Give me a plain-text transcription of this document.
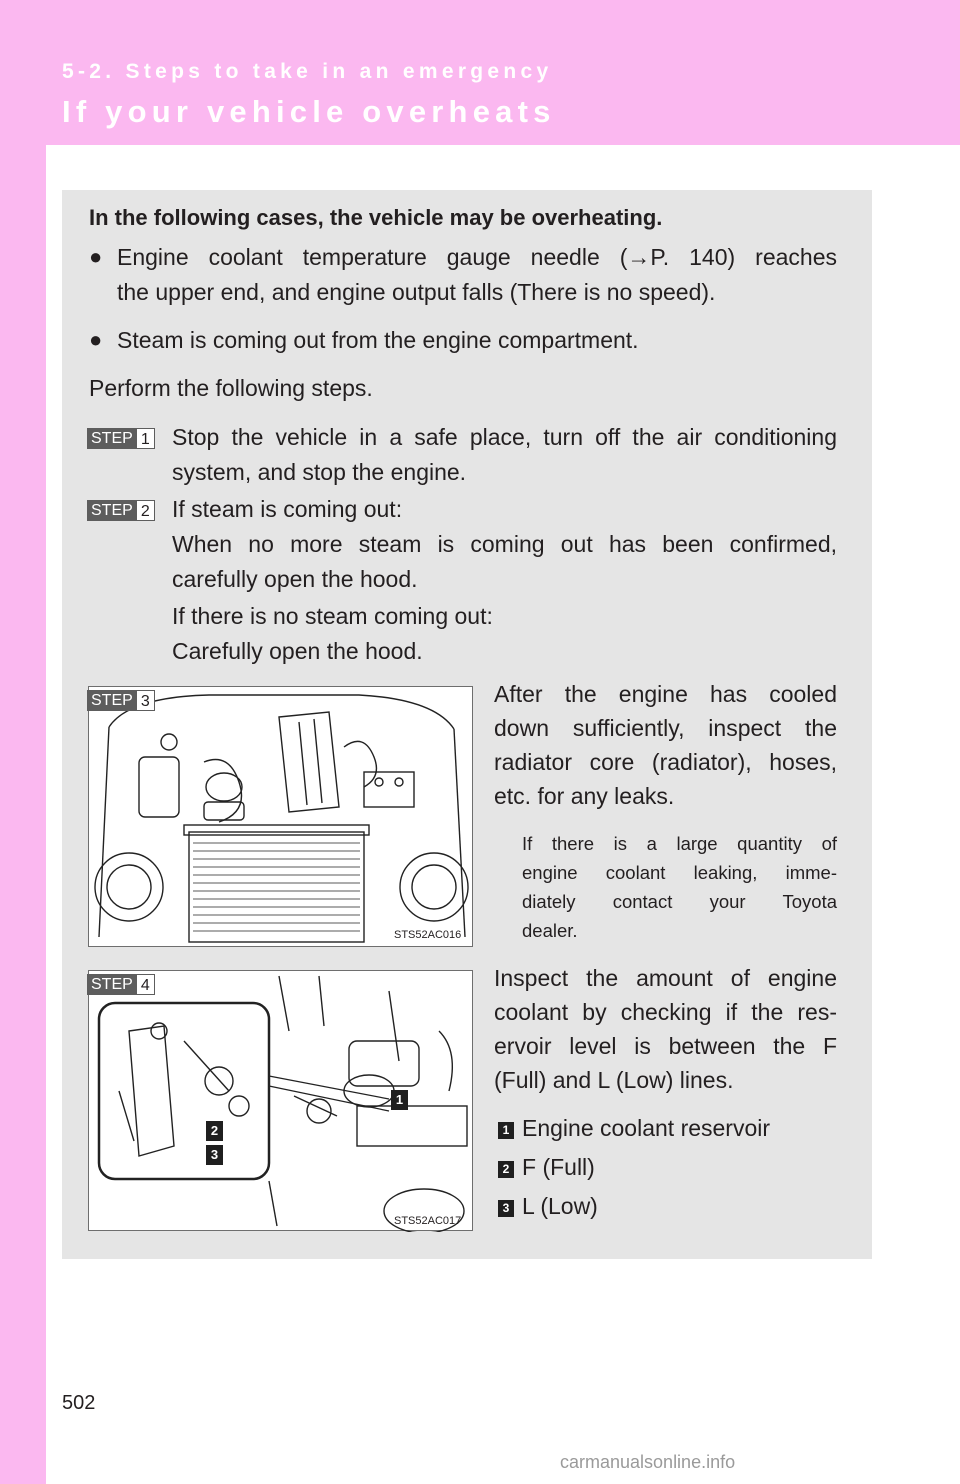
5-2. Steps to take in an emergency
If your vehicle overheats

In the following cases, the vehicle may be overheating.

● Engine coolant temperature gauge needle (→P. 140) reaches

the upper end, and engine output falls (There is no speed).

● Steam is coming out from the engine compartment.

Perform the following steps.

STEP 1 Stop the vehicle in a safe place, turn off the air conditioning

system, and stop the engine.

STEP 2 If steam is coming out:

When no more steam is coming out has been confirmed,

carefully open the hood.

If there is no steam coming out:

Carefully open the hood.

STS52AC016
STEP 3	After the engine has cooled

down sufficiently, inspect the

radiator core (radiator), hoses,

etc. for any leaks.

If there is a large quantity of

engine coolant leaking, imme-

diately contact your Toyota

dealer.

1
2
3
STS52AC017
STEP 4	Inspect the amount of engine

coolant by checking if the res-

ervoir level is between the F

(Full) and L (Low) lines.

1 Engine coolant reservoir

2 F (Full)

3 L (Low)

502
carmanualsonline.info
